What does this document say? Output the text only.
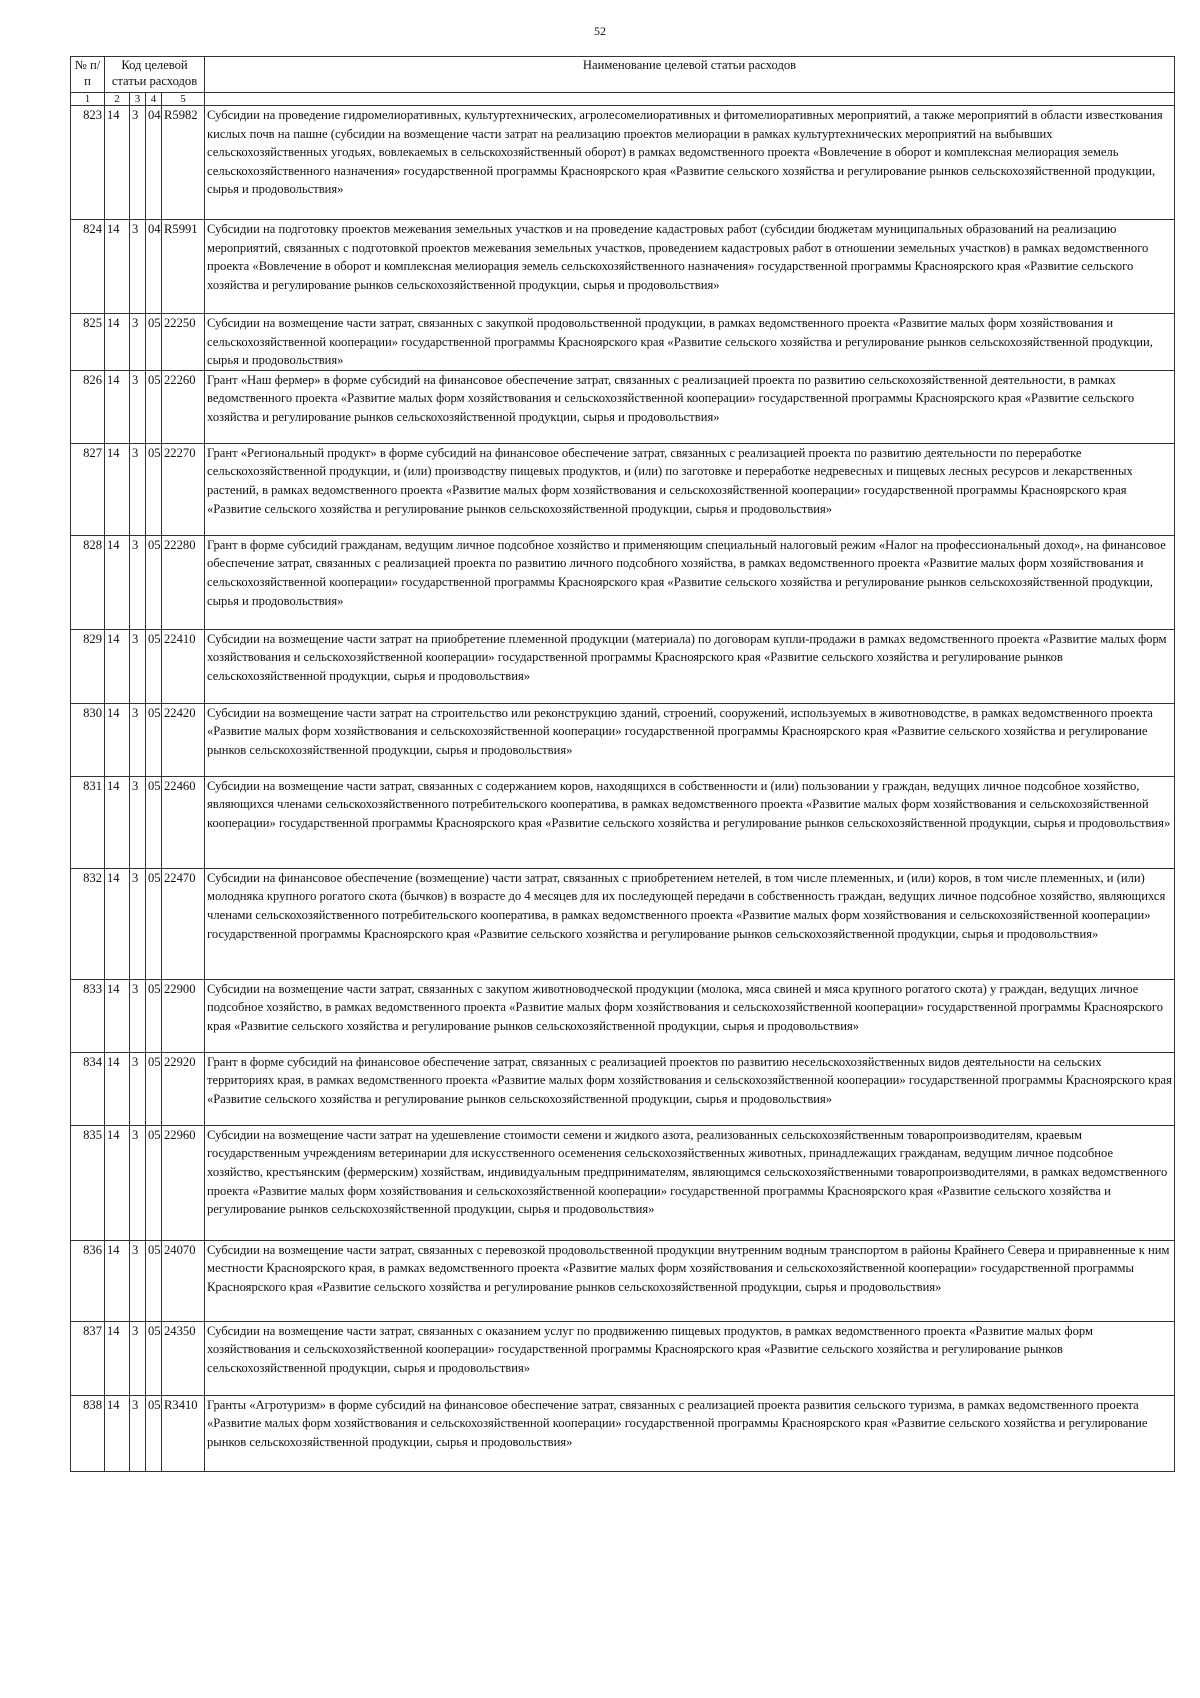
52
№ п/п	Код целевой статьи расходов				Наименование целевой статьи расходов
1	2	3	4	5	
823	14	3	04	R5982	Субсидии на проведение гидромелиоративных, культуртехнических, агролесомелиоративных и фитомелиоративных мероприятий, а также мероприятий в области известкования кислых почв на пашне (субсидии на возмещение части затрат на реализацию проектов мелиорации в рамках культуртехнических мероприятий на выбывших сельскохозяйственных угодьях, вовлекаемых в сельскохозяйственный оборот) в рамках ведомственного проекта «Вовлечение в оборот и комплексная мелиорация земель сельскохозяйственного назначения» государственной программы Красноярского края «Развитие сельского хозяйства и регулирование рынков сельскохозяйственной продукции, сырья и продовольствия»
824	14	3	04	R5991	Субсидии на подготовку проектов межевания земельных участков и на проведение кадастровых работ (субсидии бюджетам муниципальных образований на реализацию мероприятий, связанных с подготовкой проектов межевания земельных участков, проведением кадастровых работ в отношении земельных участков) в рамках ведомственного проекта «Вовлечение в оборот и комплексная мелиорация земель сельскохозяйственного назначения» государственной программы Красноярского края «Развитие сельского хозяйства и регулирование рынков сельскохозяйственной продукции, сырья и продовольствия»
825	14	3	05	22250	Субсидии на возмещение части затрат, связанных с закупкой продовольственной продукции, в рамках ведомственного проекта «Развитие малых форм хозяйствования и сельскохозяйственной кооперации» государственной программы Красноярского края «Развитие сельского хозяйства и регулирование рынков сельскохозяйственной продукции, сырья и продовольствия»
826	14	3	05	22260	Грант «Наш фермер» в форме субсидий на финансовое обеспечение затрат, связанных с реализацией проекта по развитию сельскохозяйственной деятельности, в рамках ведомственного проекта «Развитие малых форм хозяйствования и сельскохозяйственной кооперации» государственной программы Красноярского края «Развитие сельского хозяйства и регулирование рынков сельскохозяйственной продукции, сырья и продовольствия»
827	14	3	05	22270	Грант «Региональный продукт» в форме субсидий на финансовое обеспечение затрат, связанных с реализацией проекта по развитию деятельности по переработке сельскохозяйственной продукции, и (или) производству пищевых продуктов, и (или) по заготовке и переработке недревесных и пищевых лесных ресурсов и лекарственных растений, в рамках ведомственного проекта «Развитие малых форм хозяйствования и сельскохозяйственной кооперации» государственной программы Красноярского края «Развитие сельского хозяйства и регулирование рынков сельскохозяйственной продукции, сырья и продовольствия»
828	14	3	05	22280	Грант в форме субсидий гражданам, ведущим личное подсобное хозяйство и применяющим специальный налоговый режим «Налог на профессиональный доход», на финансовое обеспечение затрат, связанных с реализацией проекта по развитию личного подсобного хозяйства, в рамках ведомственного проекта «Развитие малых форм хозяйствования и сельскохозяйственной кооперации» государственной программы Красноярского края «Развитие сельского хозяйства и регулирование рынков сельскохозяйственной продукции, сырья и продовольствия»
829	14	3	05	22410	Субсидии на возмещение части затрат на приобретение племенной продукции (материала) по договорам купли-продажи в рамках ведомственного проекта «Развитие малых форм хозяйствования и сельскохозяйственной кооперации» государственной программы Красноярского края «Развитие сельского хозяйства и регулирование рынков сельскохозяйственной продукции, сырья и продовольствия»
830	14	3	05	22420	Субсидии на возмещение части затрат на строительство или реконструкцию зданий, строений, сооружений, используемых в животноводстве, в рамках ведомственного проекта «Развитие малых форм хозяйствования и сельскохозяйственной кооперации» государственной программы Красноярского края «Развитие сельского хозяйства и регулирование рынков сельскохозяйственной продукции, сырья и продовольствия»
831	14	3	05	22460	Субсидии на возмещение части затрат, связанных с содержанием коров, находящихся в собственности и (или) пользовании у граждан, ведущих личное подсобное хозяйство, являющихся членами сельскохозяйственного потребительского кооператива, в рамках ведомственного проекта «Развитие малых форм хозяйствования и сельскохозяйственной кооперации» государственной программы Красноярского края «Развитие сельского хозяйства и регулирование рынков сельскохозяйственной продукции, сырья и продовольствия»
832	14	3	05	22470	Субсидии на финансовое обеспечение (возмещение) части затрат, связанных с приобретением нетелей, в том числе племенных, и (или) коров, в том числе племенных, и (или) молодняка крупного рогатого скота (бычков) в возрасте до 4 месяцев для их последующей передачи в собственность граждан, ведущих личное подсобное хозяйство, являющихся членами сельскохозяйственного потребительского кооператива, в рамках ведомственного проекта «Развитие малых форм хозяйствования и сельскохозяйственной кооперации» государственной программы Красноярского края «Развитие сельского хозяйства и регулирование рынков сельскохозяйственной продукции, сырья и продовольствия»
833	14	3	05	22900	Субсидии на возмещение части затрат, связанных с закупом животноводческой продукции (молока, мяса свиней и мяса крупного рогатого скота) у граждан, ведущих личное подсобное хозяйство, в рамках ведомственного проекта «Развитие малых форм хозяйствования и сельскохозяйственной кооперации» государственной программы Красноярского края «Развитие сельского хозяйства и регулирование рынков сельскохозяйственной продукции, сырья и продовольствия»
834	14	3	05	22920	Грант в форме субсидий на финансовое обеспечение затрат, связанных с реализацией проектов по развитию несельскохозяйственных видов деятельности на сельских территориях края, в рамках ведомственного проекта «Развитие малых форм хозяйствования и сельскохозяйственной кооперации» государственной программы Красноярского края «Развитие сельского хозяйства и регулирование рынков сельскохозяйственной продукции, сырья и продовольствия»
835	14	3	05	22960	Субсидии на возмещение части затрат на удешевление стоимости семени и жидкого азота, реализованных сельскохозяйственным товаропроизводителям, краевым государственным учреждениям ветеринарии для искусственного осеменения сельскохозяйственных животных, принадлежащих гражданам, ведущим личное подсобное хозяйство, крестьянским (фермерским) хозяйствам, индивидуальным предпринимателям, являющимся сельскохозяйственными товаропроизводителями, в рамках ведомственного проекта «Развитие малых форм хозяйствования и сельскохозяйственной кооперации» государственной программы Красноярского края «Развитие сельского хозяйства и регулирование рынков сельскохозяйственной продукции, сырья и продовольствия»
836	14	3	05	24070	Субсидии на возмещение части затрат, связанных с перевозкой продовольственной продукции внутренним водным транспортом в районы Крайнего Севера и приравненные к ним местности Красноярского края, в рамках ведомственного проекта «Развитие малых форм хозяйствования и сельскохозяйственной кооперации» государственной программы Красноярского края «Развитие сельского хозяйства и регулирование рынков сельскохозяйственной продукции, сырья и продовольствия»
837	14	3	05	24350	Субсидии на возмещение части затрат, связанных с оказанием услуг по продвижению пищевых продуктов, в рамках ведомственного проекта «Развитие малых форм хозяйствования и сельскохозяйственной кооперации» государственной программы Красноярского края «Развитие сельского хозяйства и регулирование рынков сельскохозяйственной продукции, сырья и продовольствия»
838	14	3	05	R3410	Гранты «Агротуризм» в форме субсидий на финансовое обеспечение затрат, связанных с реализацией проекта развития сельского туризма, в рамках ведомственного проекта «Развитие малых форм хозяйствования и сельскохозяйственной кооперации» государственной программы Красноярского края «Развитие сельского хозяйства и регулирование рынков сельскохозяйственной продукции, сырья и продовольствия»
